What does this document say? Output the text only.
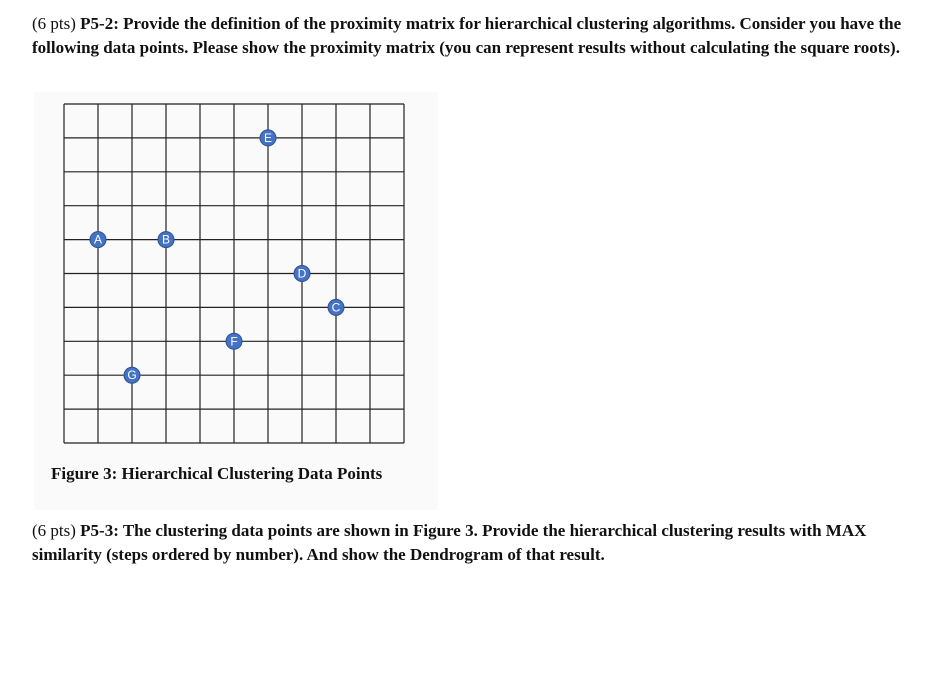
(6 pts) P5-2: Provide the definition of the proximity matrix for hierarchical clustering algorithms. Consider you have the following data points. Please show the proximity matrix (you can represent results without calculating the square roots).

E
A	B
D
C
F
G
Figure 3: Hierarchical Clustering Data Points

(6 pts) P5-3: The clustering data points are shown in Figure 3. Provide the hierarchical clustering results with MAX similarity (steps ordered by number). And show the Dendrogram of that result.
